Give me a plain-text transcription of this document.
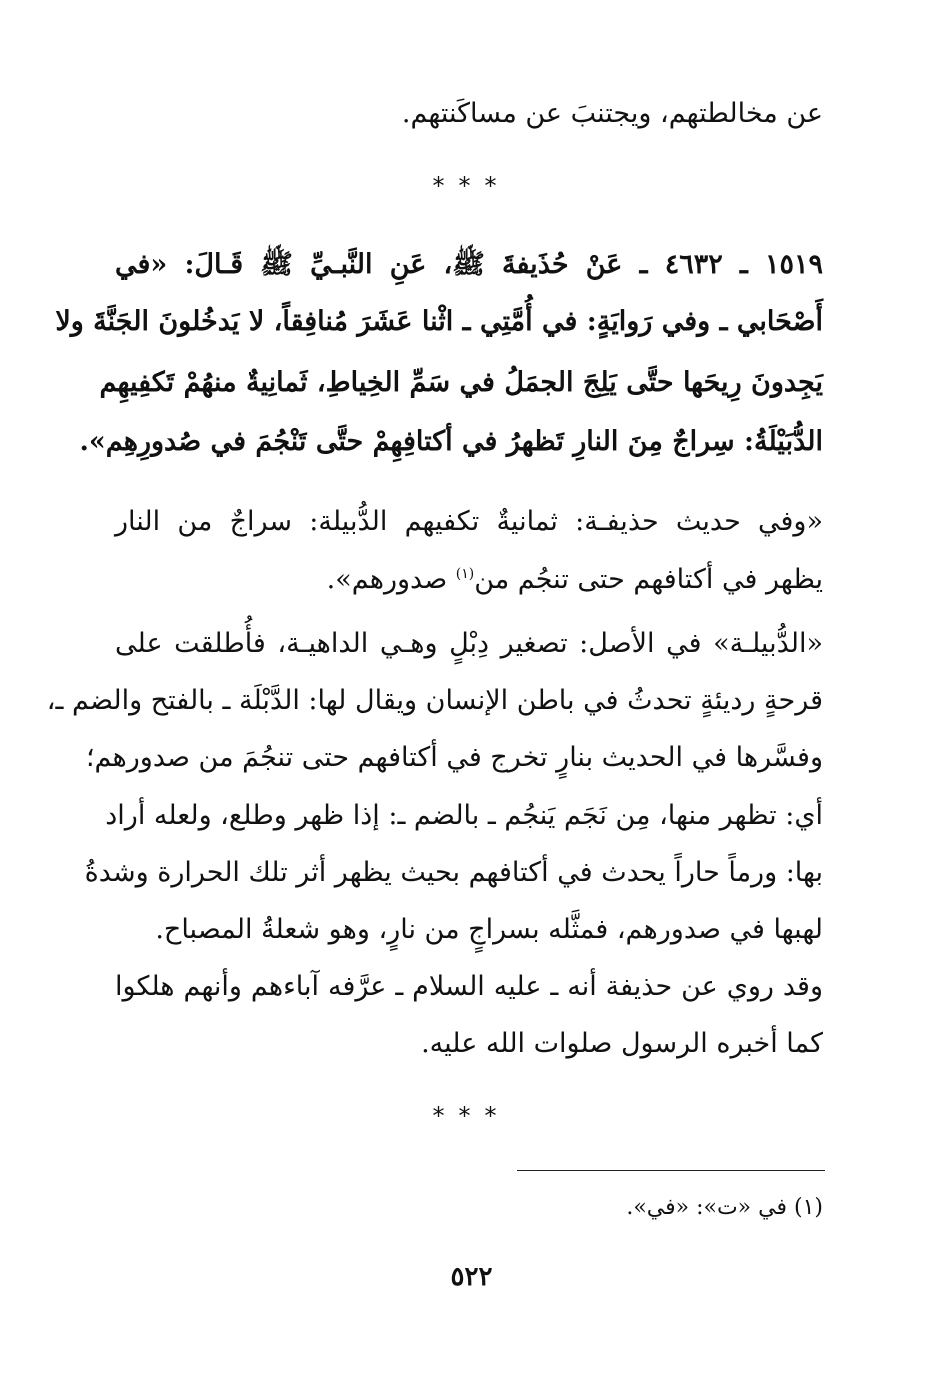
عن مخالطتهم، ويجتنبَ عن مساكَنتهم.
***
١٥١٩ ـ ٤٦٣٢ ـ عَنْ حُذَيفةَ ﷺ، عَنِ النَّبـيِّ ﷺ قَـالَ: «في
أَصْحَابي ـ وفي رَوايَةٍ: في أُمَّتِي ـ اثْنا عَشَرَ مُنافِقاً، لا يَدخُلونَ الجَنَّةَ ولا
يَجِدونَ رِيحَها حتَّى يَلِجَ الجمَلُ في سَمِّ الخِياطِ، ثَمانِيةٌ منهُمْ تَكفِيهِم
الدُّبَيْلَةُ: سِراجٌ مِنَ النارِ تَظهرُ في أكتافِهِمْ حتَّى تَنْجُمَ في صُدورِهِم».
«وفي حديث حذيفـة: ثمانيةٌ تكفيهم الدُّبيلة: سراجٌ من النار
يظهر في أكتافهم حتى تنجُم من$^{(١)}$ صدورهم».
«الدُّبيلـة» في الأصل: تصغير دِبْلٍ وهـي الداهيـة، فأُطلقت على
قرحةٍ رديئةٍ تحدثُ في باطن الإنسان ويقال لها: الدَّبْلَة ـ بالفتح والضم ـ،
وفسَّرها في الحديث بنارٍ تخرج في أكتافهم حتى تنجُمَ من صدورهم؛
أي: تظهر منها، مِن نَجَم يَنجُم ـ بالضم ـ: إذا ظهر وطلع، ولعله أراد
بها: ورماً حاراً يحدث في أكتافهم بحيث يظهر أثر تلك الحرارة وشدةُ
لهبها في صدورهم، فمثَّله بسراجٍ من نارٍ، وهو شعلةُ المصباح.
وقد روي عن حذيفة أنه ـ عليه السلام ـ عرَّفه آباءهم وأنهم هلكوا
كما أخبره الرسول صلوات الله عليه.
***
(١) في «ت»: «في».
٥٢٢
